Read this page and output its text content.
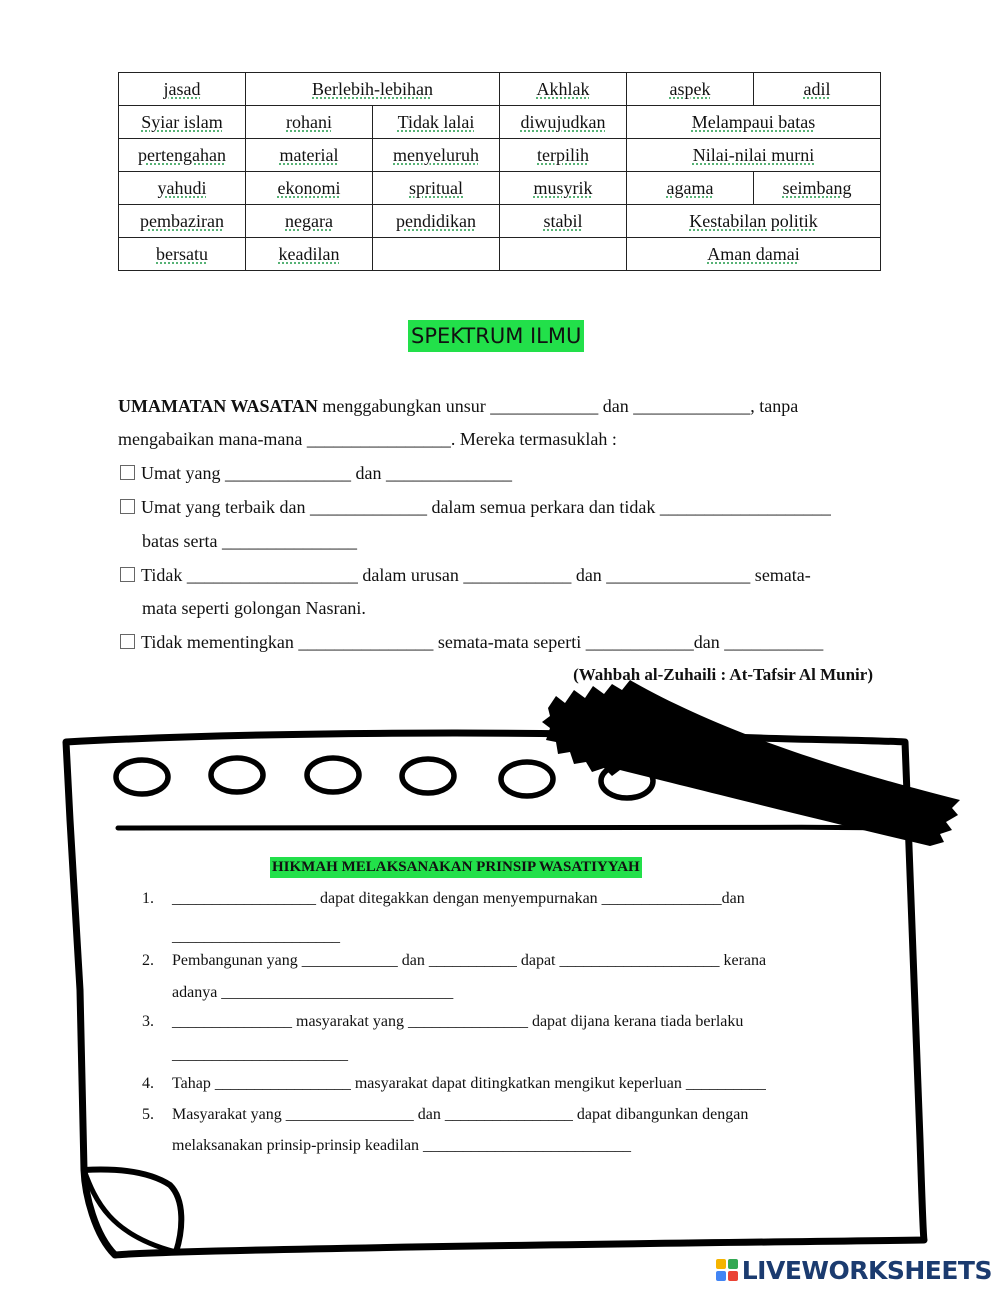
jasad	Berlebih-lebihan		Akhlak	aspek	adil
Syiar islam	rohani	Tidak lalai	diwujudkan	Melampaui batas	
pertengahan	material	menyeluruh	terpilih	Nilai-nilai murni	
yahudi	ekonomi	spritual	musyrik	agama	seimbang
pembaziran	negara	pendidikan	stabil	Kestabilan politik	
bersatu	keadilan			Aman damai	
SPEKTRUM ILMU
UMAMATAN WASATAN menggabungkan unsur ____________ dan _____________, tanpa
mengabaikan mana-mana ________________. Mereka termasuklah :
Umat yang ______________ dan ______________
Umat yang terbaik dan _____________ dalam semua perkara dan tidak ___________________
batas serta _______________
Tidak ___________________ dalam urusan ____________ dan ________________ semata-
mata seperti golongan Nasrani.
Tidak mementingkan _______________ semata-mata seperti ____________dan ___________
(Wahbah al-Zuhaili : At-Tafsir Al Munir)
HIKMAH MELAKSANAKAN PRINSIP WASATIYYAH
1. __________________ dapat ditegakkan dengan menyempurnakan _______________dan
_____________________
2. Pembangunan yang ____________ dan ___________ dapat ____________________ kerana
adanya _____________________________
3. _______________ masyarakat yang _______________ dapat dijana kerana tiada berlaku
______________________
4. Tahap _________________ masyarakat dapat ditingkatkan mengikut keperluan __________
5. Masyarakat yang ________________ dan ________________ dapat dibangunkan dengan
melaksanakan prinsip-prinsip keadilan __________________________
LIVEWORKSHEETS
